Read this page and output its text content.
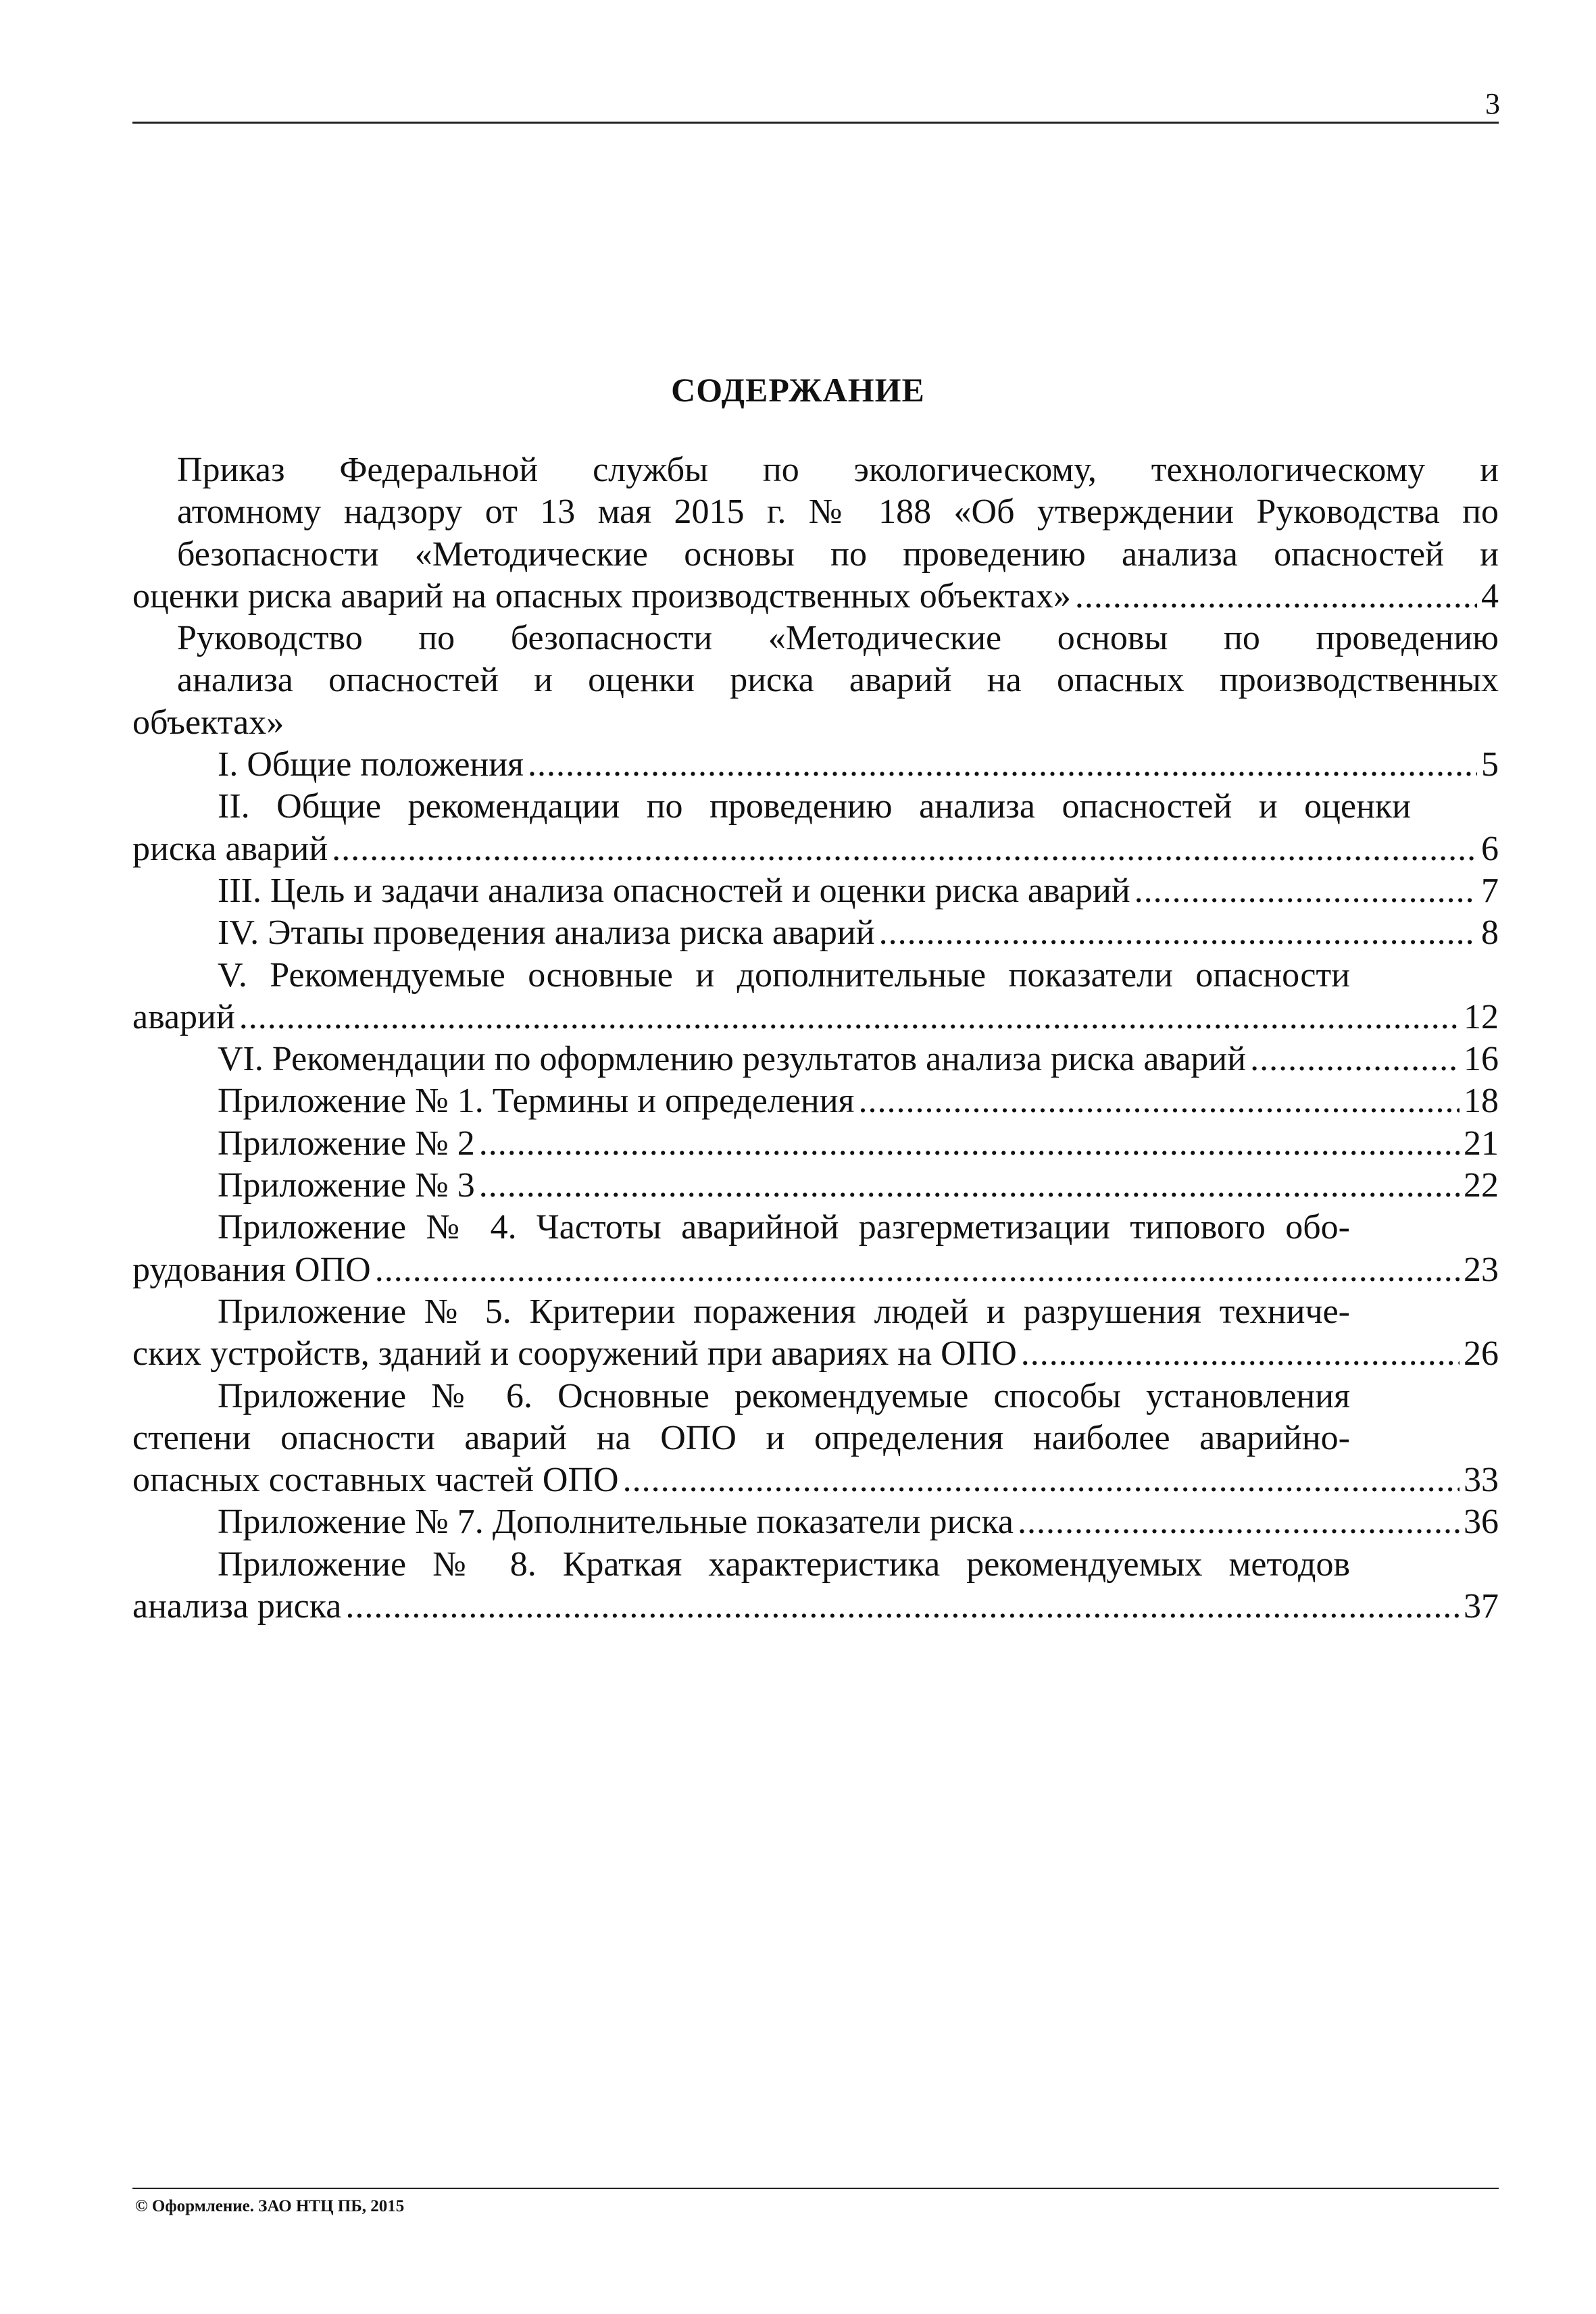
3
СОДЕРЖАНИЕ
Приказ Федеральной службы по экологическому, технологическому и
атомному надзору от 13 мая 2015 г. № 188 «Об утверждении Руководства по
безопасности «Методические основы по проведению анализа опасностей и
оценки риска аварий на опасных производственных объектах» . . .	4
Руководство по безопасности «Методические основы по проведению
анализа опасностей и оценки риска аварий на опасных производственных
объектах»
I. Общие положения . . .	5
II. Общие рекомендации по проведению анализа опасностей и оценки
риска аварий . . .	6
III. Цель и задачи анализа опасностей и оценки риска аварий . . .	7
IV. Этапы проведения анализа риска аварий . . .	8
V. Рекомендуемые основные и дополнительные показатели опасности
аварий . . .	12
VI. Рекомендации по оформлению результатов анализа риска аварий . . .	16
Приложение № 1. Термины и определения . . .	18
Приложение № 2 . . .	21
Приложение № 3 . . .	22
Приложение № 4. Частоты аварийной разгерметизации типового обо-
рудования ОПО . . .	23
Приложение № 5. Критерии поражения людей и разрушения техниче-
ских устройств, зданий и сооружений при авариях на ОПО . . .	26
Приложение № 6. Основные рекомендуемые способы установления
степени опасности аварий на ОПО и определения наиболее аварийно-
опасных составных частей ОПО . . .	33
Приложение № 7. Дополнительные показатели риска . . .	36
Приложение № 8. Краткая характеристика рекомендуемых методов
анализа риска . . .	37
© Оформление. ЗАО НТЦ ПБ, 2015
